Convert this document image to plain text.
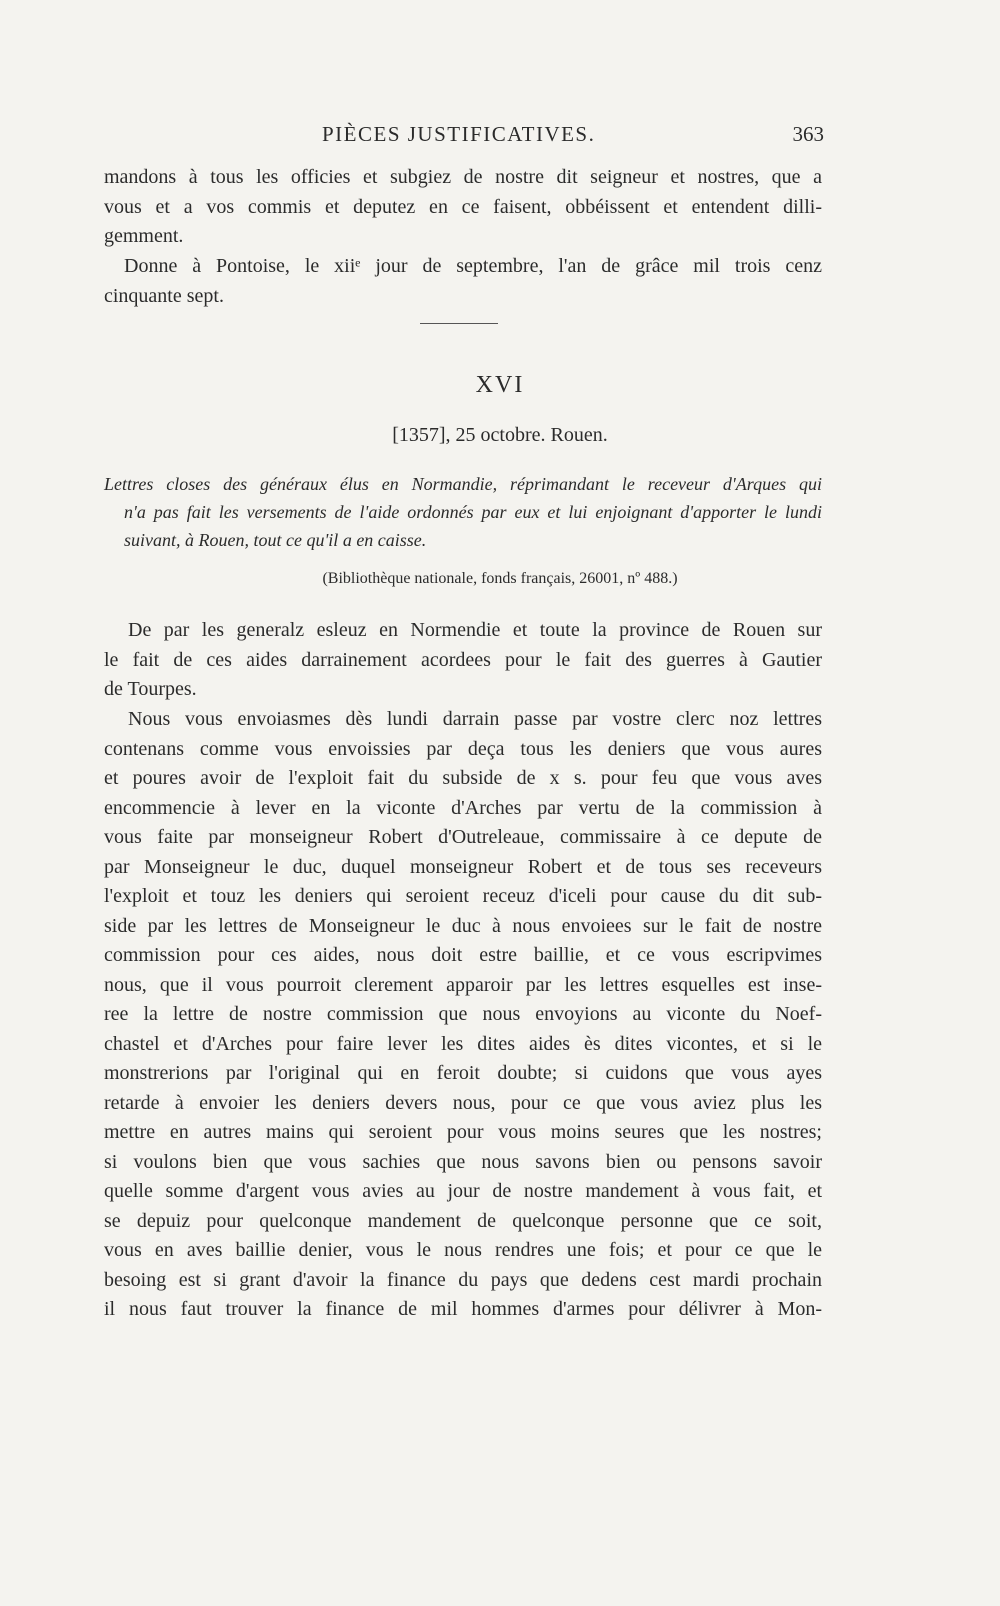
PIÈCES JUSTIFICATIVES.	363

mandons à tous les officies et subgiez de nostre dit seigneur et nostres, que a
vous et a vos commis et deputez en ce faisent, obbéissent et entendent dilli-
gemment.

Donne à Pontoise, le xiiᵉ jour de septembre, l'an de grâce mil trois cenz
cinquante sept.

XVI
[1357], 25 octobre. Rouen.
Lettres closes des généraux élus en Normandie, réprimandant le receveur d'Arques qui
n'a pas fait les versements de l'aide ordonnés par eux et lui enjoignant d'apporter le lundi
suivant, à Rouen, tout ce qu'il a en caisse.
(Bibliothèque nationale, fonds français, 26001, nº 488.)

De par les generalz esleuz en Normendie et toute la province de Rouen sur
le fait de ces aides darrainement acordees pour le fait des guerres à Gautier
de Tourpes.

Nous vous envoiasmes dès lundi darrain passe par vostre clerc noz lettres
contenans comme vous envoissies par deça tous les deniers que vous aures
et poures avoir de l'exploit fait du subside de x s. pour feu que vous aves
encommencie à lever en la viconte d'Arches par vertu de la commission à
vous faite par monseigneur Robert d'Outreleaue, commissaire à ce depute de
par Monseigneur le duc, duquel monseigneur Robert et de tous ses receveurs
l'exploit et touz les deniers qui seroient receuz d'iceli pour cause du dit sub-
side par les lettres de Monseigneur le duc à nous envoiees sur le fait de nostre
commission pour ces aides, nous doit estre baillie, et ce vous escripvimes
nous, que il vous pourroit clerement apparoir par les lettres esquelles est inse-
ree la lettre de nostre commission que nous envoyions au viconte du Noef-
chastel et d'Arches pour faire lever les dites aides ès dites vicontes, et si le
monstrerions par l'original qui en feroit doubte; si cuidons que vous ayes
retarde à envoier les deniers devers nous, pour ce que vous aviez plus les
mettre en autres mains qui seroient pour vous moins seures que les nostres;
si voulons bien que vous sachies que nous savons bien ou pensons savoir
quelle somme d'argent vous avies au jour de nostre mandement à vous fait, et
se depuiz pour quelconque mandement de quelconque personne que ce soit,
vous en aves baillie denier, vous le nous rendres une fois; et pour ce que le
besoing est si grant d'avoir la finance du pays que dedens cest mardi prochain
il nous faut trouver la finance de mil hommes d'armes pour délivrer à Mon-
